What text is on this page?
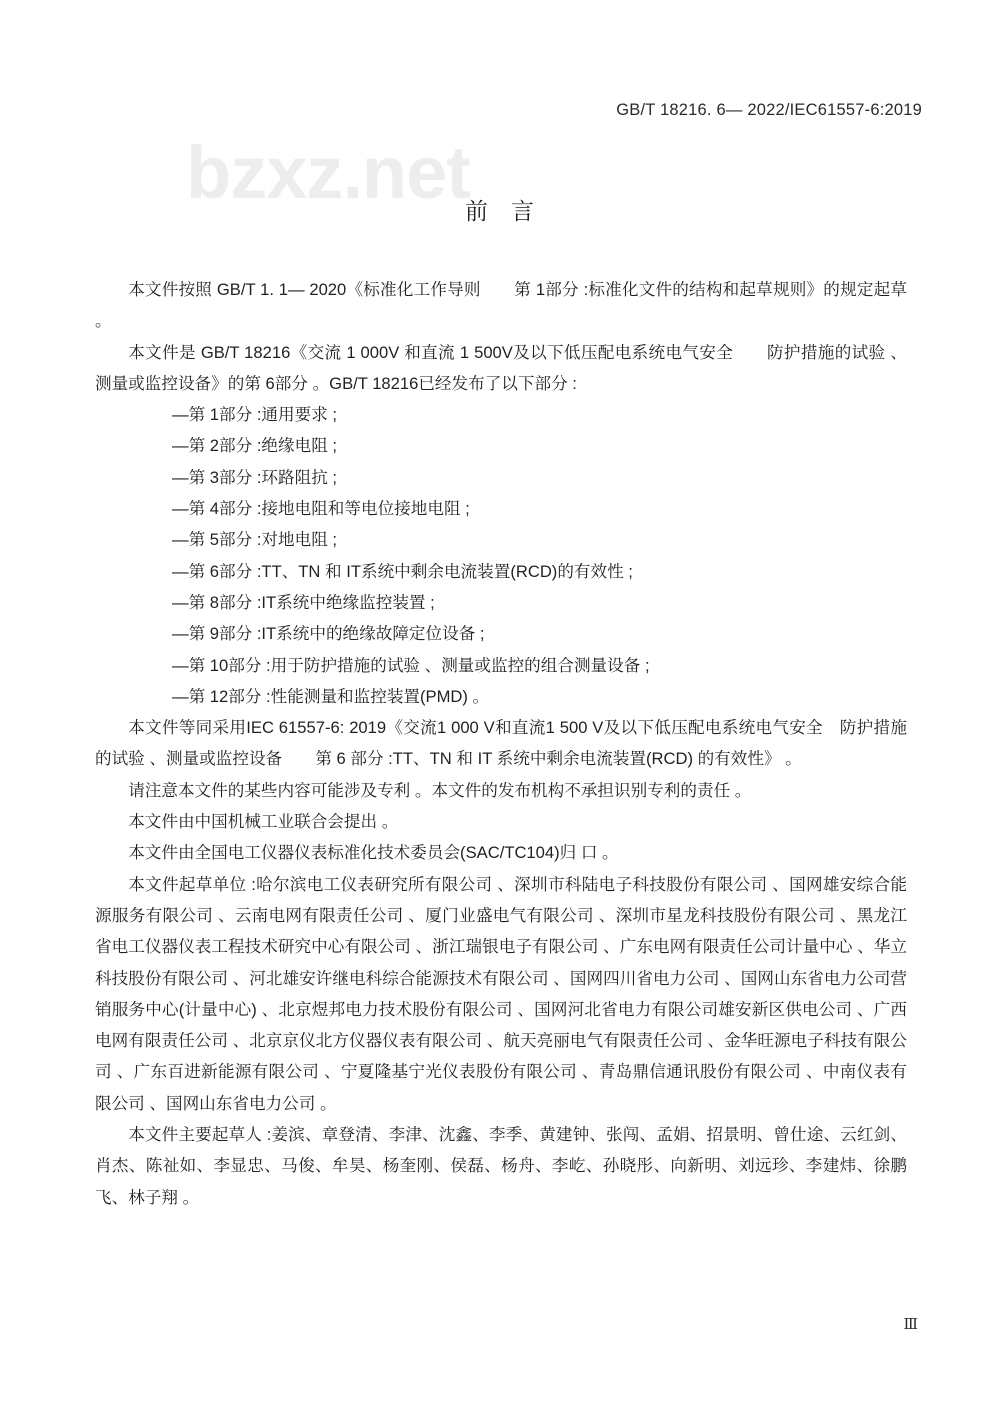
GB/T 18216. 6— 2022/IEC61557-6:2019
bzxz.net
前 言

本文件按照 GB/T 1. 1— 2020《标准化工作导则　　第 1部分 :标准化文件的结构和起草规则》的规定起草 。

本文件是 GB/T 18216《交流 1 000V 和直流 1 500V及以下低压配电系统电气安全　　防护措施的试验 、测量或监控设备》的第 6部分 。GB/T 18216已经发布了以下部分 :

—第 1部分 :通用要求 ;
—第 2部分 :绝缘电阻 ;
—第 3部分 :环路阻抗 ;
—第 4部分 :接地电阻和等电位接地电阻 ;
—第 5部分 :对地电阻 ;
—第 6部分 :TT、TN 和 IT系统中剩余电流装置(RCD)的有效性 ;
—第 8部分 :IT系统中绝缘监控装置 ;
—第 9部分 :IT系统中的绝缘故障定位设备 ;
—第 10部分 :用于防护措施的试验 、测量或监控的组合测量设备 ;
—第 12部分 :性能测量和监控装置(PMD) 。

本文件等同采用IEC 61557-6: 2019《交流1 000 V和直流1 500 V及以下低压配电系统电气安全　防护措施的试验 、测量或监控设备　　第 6 部分 :TT、TN 和 IT 系统中剩余电流装置(RCD) 的有效性》 。

请注意本文件的某些内容可能涉及专利 。本文件的发布机构不承担识别专利的责任 。

本文件由中国机械工业联合会提出 。

本文件由全国电工仪器仪表标准化技术委员会(SAC/TC104)归 口 。

本文件起草单位 :哈尔滨电工仪表研究所有限公司 、深圳市科陆电子科技股份有限公司 、国网雄安综合能源服务有限公司 、云南电网有限责任公司 、厦门业盛电气有限公司 、深圳市星龙科技股份有限公司 、黑龙江省电工仪器仪表工程技术研究中心有限公司 、浙江瑞银电子有限公司 、广东电网有限责任公司计量中心 、华立科技股份有限公司 、河北雄安许继电科综合能源技术有限公司 、国网四川省电力公司 、国网山东省电力公司营销服务中心(计量中心) 、北京煜邦电力技术股份有限公司 、国网河北省电力有限公司雄安新区供电公司 、广西电网有限责任公司 、北京京仪北方仪器仪表有限公司 、航天亮丽电气有限责任公司 、金华旺源电子科技有限公司 、广东百进新能源有限公司 、宁夏隆基宁光仪表股份有限公司 、青岛鼎信通讯股份有限公司 、中南仪表有限公司 、国网山东省电力公司 。

本文件主要起草人 :姜滨、章登清、李津、沈鑫、李季、黄建钟、张闯、孟娟、招景明、曾仕途、云红剑、肖杰、陈祉如、李显忠、马俊、牟昊、杨奎刚、侯磊、杨舟、李屹、孙晓彤、向新明、刘远珍、李建炜、徐鹏飞、林子翔 。

Ⅲ
